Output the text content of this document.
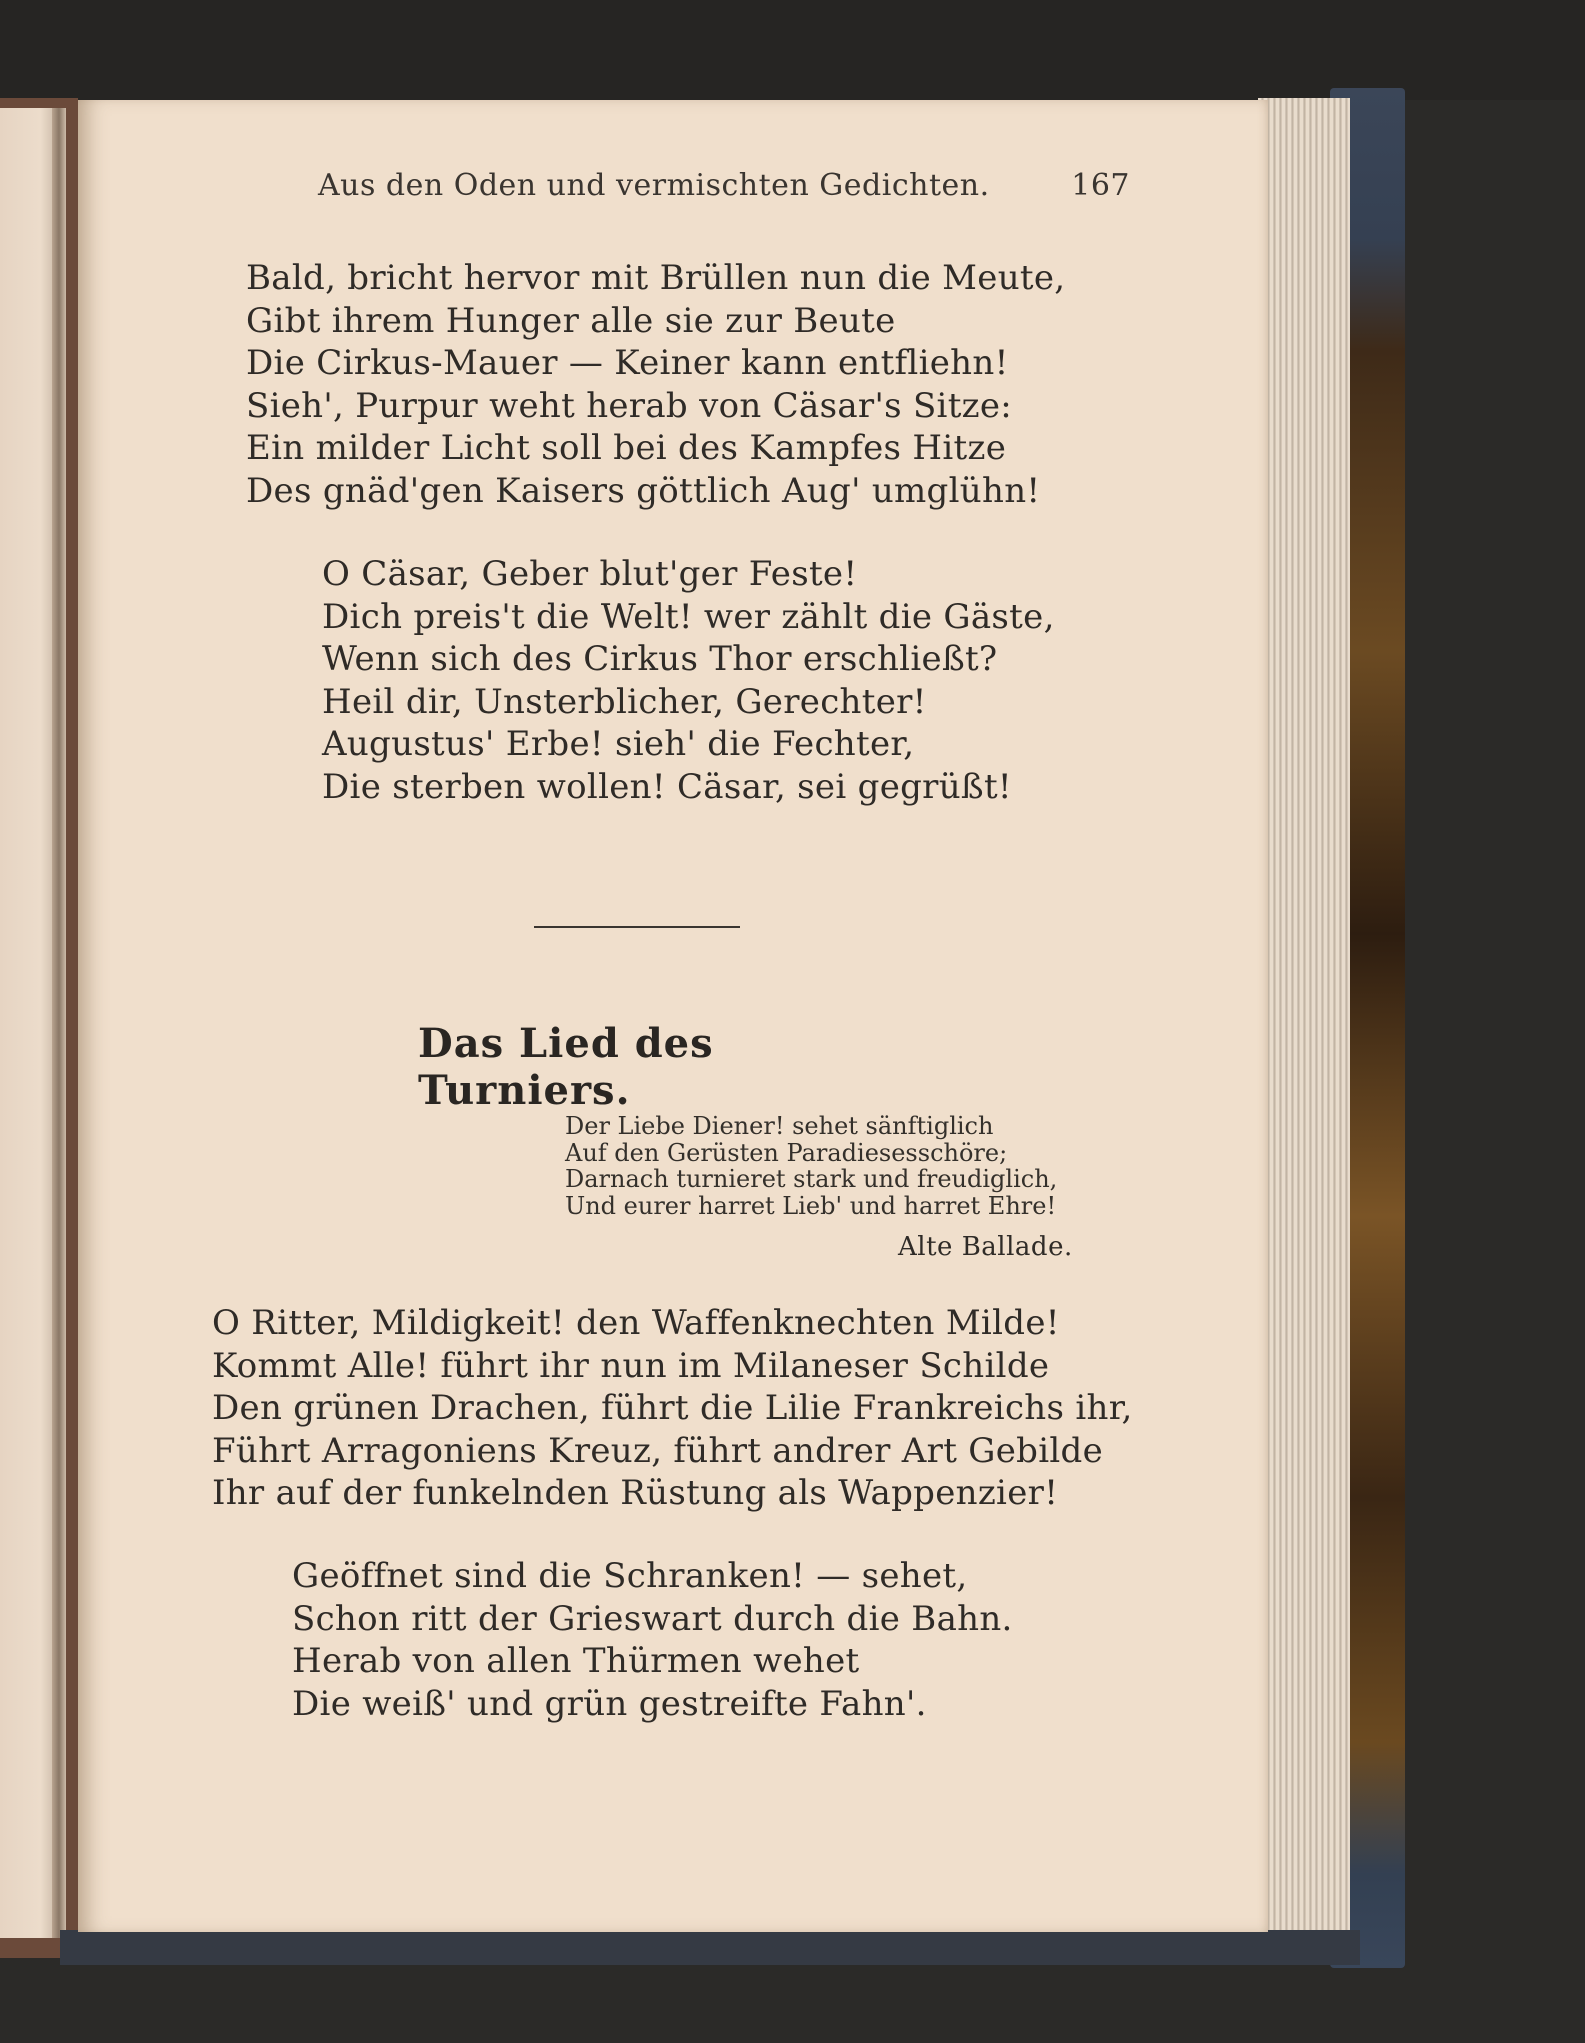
Aus den Oden und vermischten Gedichten.	167
Bald, bricht hervor mit Brüllen nun die Meute,
Gibt ihrem Hunger alle sie zur Beute
Die Cirkus-Mauer — Keiner kann entfliehn!
Sieh', Purpur weht herab von Cäsar's Sitze:
Ein milder Licht soll bei des Kampfes Hitze
Des gnäd'gen Kaisers göttlich Aug' umglühn!
O Cäsar, Geber blut'ger Feste!
Dich preis't die Welt! wer zählt die Gäste,
Wenn sich des Cirkus Thor erschließt?
Heil dir, Unsterblicher, Gerechter!
Augustus' Erbe! sieh' die Fechter,
Die sterben wollen! Cäsar, sei gegrüßt!
Das Lied des Turniers.
Der Liebe Diener! sehet sänftiglich
Auf den Gerüsten Paradiesesschöre;
Darnach turnieret stark und freudiglich,
Und eurer harret Lieb' und harret Ehre!
Alte Ballade.
O Ritter, Mildigkeit! den Waffenknechten Milde!
Kommt Alle! führt ihr nun im Milaneser Schilde
Den grünen Drachen, führt die Lilie Frankreichs ihr,
Führt Arragoniens Kreuz, führt andrer Art Gebilde
Ihr auf der funkelnden Rüstung als Wappenzier!
Geöffnet sind die Schranken! — sehet,
Schon ritt der Grieswart durch die Bahn.
Herab von allen Thürmen wehet
Die weiß' und grün gestreifte Fahn'.
